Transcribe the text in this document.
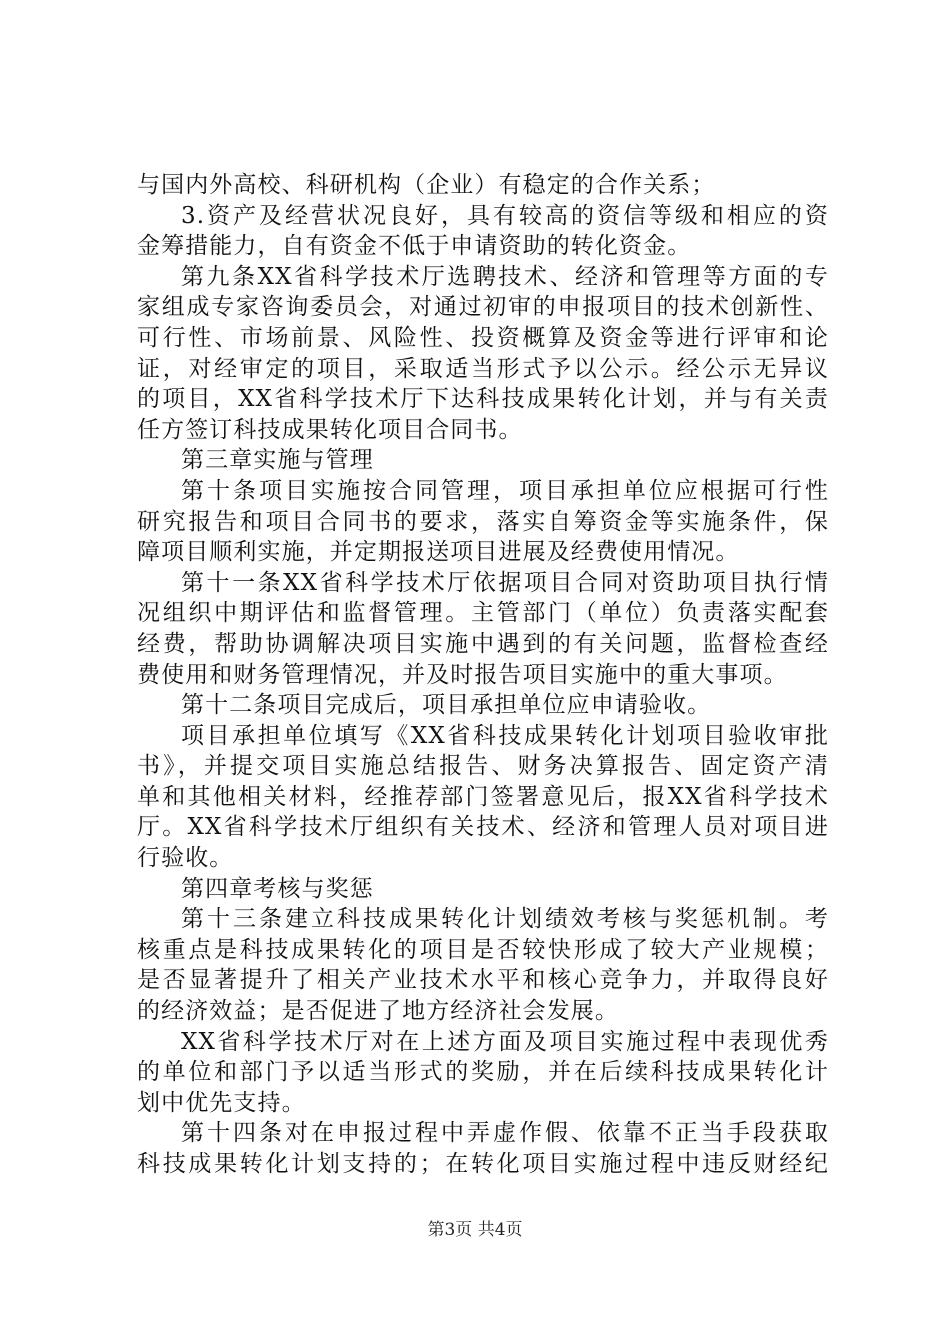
与国内外高校、科研机构（企业）有稳定的合作关系；
3.资产及经营状况良好，具有较高的资信等级和相应的资
金筹措能力，自有资金不低于申请资助的转化资金。
第九条XX省科学技术厅选聘技术、经济和管理等方面的专
家组成专家咨询委员会，对通过初审的申报项目的技术创新性、
可行性、市场前景、风险性、投资概算及资金等进行评审和论
证，对经审定的项目，采取适当形式予以公示。经公示无异议
的项目，XX省科学技术厅下达科技成果转化计划，并与有关责
任方签订科技成果转化项目合同书。
第三章实施与管理
第十条项目实施按合同管理，项目承担单位应根据可行性
研究报告和项目合同书的要求，落实自筹资金等实施条件，保
障项目顺利实施，并定期报送项目进展及经费使用情况。
第十一条XX省科学技术厅依据项目合同对资助项目执行情
况组织中期评估和监督管理。主管部门（单位）负责落实配套
经费，帮助协调解决项目实施中遇到的有关问题，监督检查经
费使用和财务管理情况，并及时报告项目实施中的重大事项。
第十二条项目完成后，项目承担单位应申请验收。
项目承担单位填写《XX省科技成果转化计划项目验收审批
书》，并提交项目实施总结报告、财务决算报告、固定资产清
单和其他相关材料，经推荐部门签署意见后，报XX省科学技术
厅。XX省科学技术厅组织有关技术、经济和管理人员对项目进
行验收。
第四章考核与奖惩
第十三条建立科技成果转化计划绩效考核与奖惩机制。考
核重点是科技成果转化的项目是否较快形成了较大产业规模；
是否显著提升了相关产业技术水平和核心竞争力，并取得良好
的经济效益；是否促进了地方经济社会发展。
XX省科学技术厅对在上述方面及项目实施过程中表现优秀
的单位和部门予以适当形式的奖励，并在后续科技成果转化计
划中优先支持。
第十四条对在申报过程中弄虚作假、依靠不正当手段获取
科技成果转化计划支持的；在转化项目实施过程中违反财经纪
第3页 共4页
